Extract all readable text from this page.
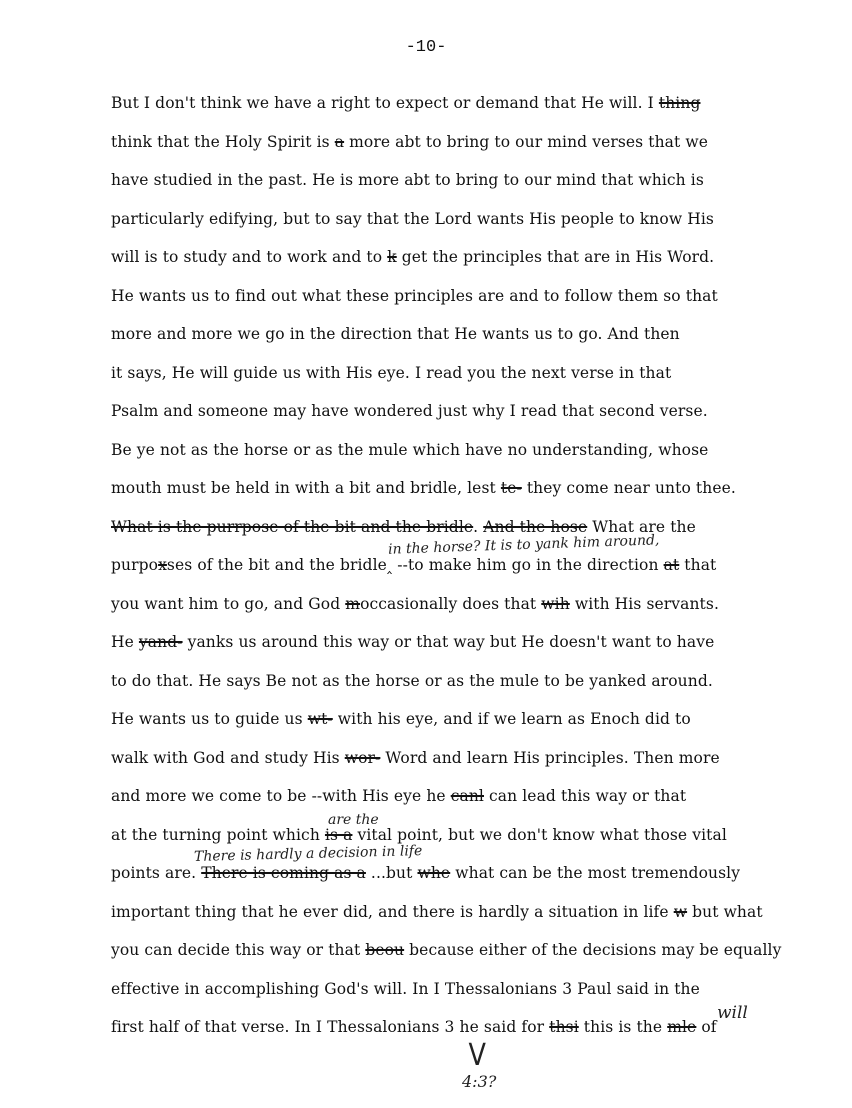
-10-
But I don't think we have a right to expect or demand that He will. I thing
think that the Holy Spirit is a more abt to bring to our mind verses that we
have studied in the past. He is more abt to bring to our mind that which is
particularly edifying, but to say that the Lord wants His people to know His
will is to study and to work and to k get the principles that are in His Word.
He wants us to find out what these principles are and to follow them so that
more and more we go in the direction that He wants us to go. And then
it says, He will guide us with His eye. I read you the next verse in that
Psalm and someone may have wondered just why I read that second verse.
Be ye not as the horse or as the mule which have no understanding, whose
mouth must be held in with a bit and bridle, lest te- they come near unto thee.
What is the purrpose of the bit and the bridle. And the hose What are the
purpoxses of the bit and the bridle‸ --to make him go in the direction at that
you want him to go, and God moccasionally does that wih with His servants.
He yand- yanks us around this way or that way but He doesn't want to have
to do that. He says Be not as the horse or as the mule to be yanked around.
He wants us to guide us wt- with his eye, and if we learn as Enoch did to
walk with God and study His wor- Word and learn His principles. Then more
and more we come to be --with His eye he canl can lead this way or that
at the turning point which is a vital point, but we don't know what those vital
points are. There is coming as a ...but whe what can be the most tremendously
important thing that he ever did, and there is hardly a situation in life w but what
you can decide this way or that beou because either of the decisions may be equally
effective in accomplishing God's will. In I Thessalonians 3 Paul said in the
first half of that verse. In I Thessalonians 3 he said for thsi this is the mle of
in the horse? It is to yank him around,
are the
There is hardly a decision in life
will
V
4:3?
